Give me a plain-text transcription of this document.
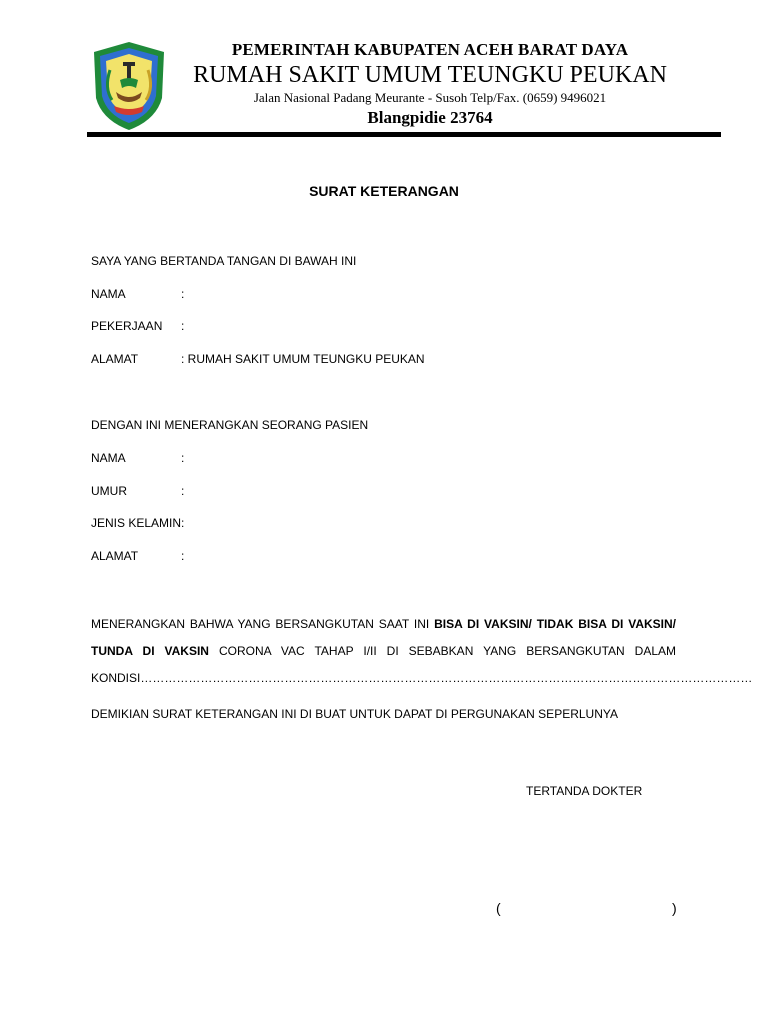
PEMERINTAH KABUPATEN ACEH BARAT DAYA
RUMAH SAKIT UMUM TEUNGKU PEUKAN
Jalan Nasional Padang Meurante - Susoh Telp/Fax. (0659) 9496021
Blangpidie 23764
SURAT KETERANGAN
SAYA YANG BERTANDA TANGAN DI BAWAH INI
NAMA	:
PEKERJAAN :
ALAMAT	: RUMAH SAKIT UMUM TEUNGKU PEUKAN
DENGAN INI MENERANGKAN SEORANG PASIEN
NAMA	:
UMUR	:
JENIS KELAMIN:
ALAMAT	:
MENERANGKAN BAHWA YANG BERSANGKUTAN SAAT INI BISA DI VAKSIN/ TIDAK BISA DI VAKSIN/ TUNDA DI VAKSIN CORONA VAC TAHAP I/II DI SEBABKAN YANG BERSANGKUTAN DALAM KONDISI………………………………………………………………………………………………………………………………………
DEMIKIAN SURAT KETERANGAN INI DI BUAT UNTUK DAPAT DI PERGUNAKAN SEPERLUNYA
TERTANDA DOKTER
(	)
